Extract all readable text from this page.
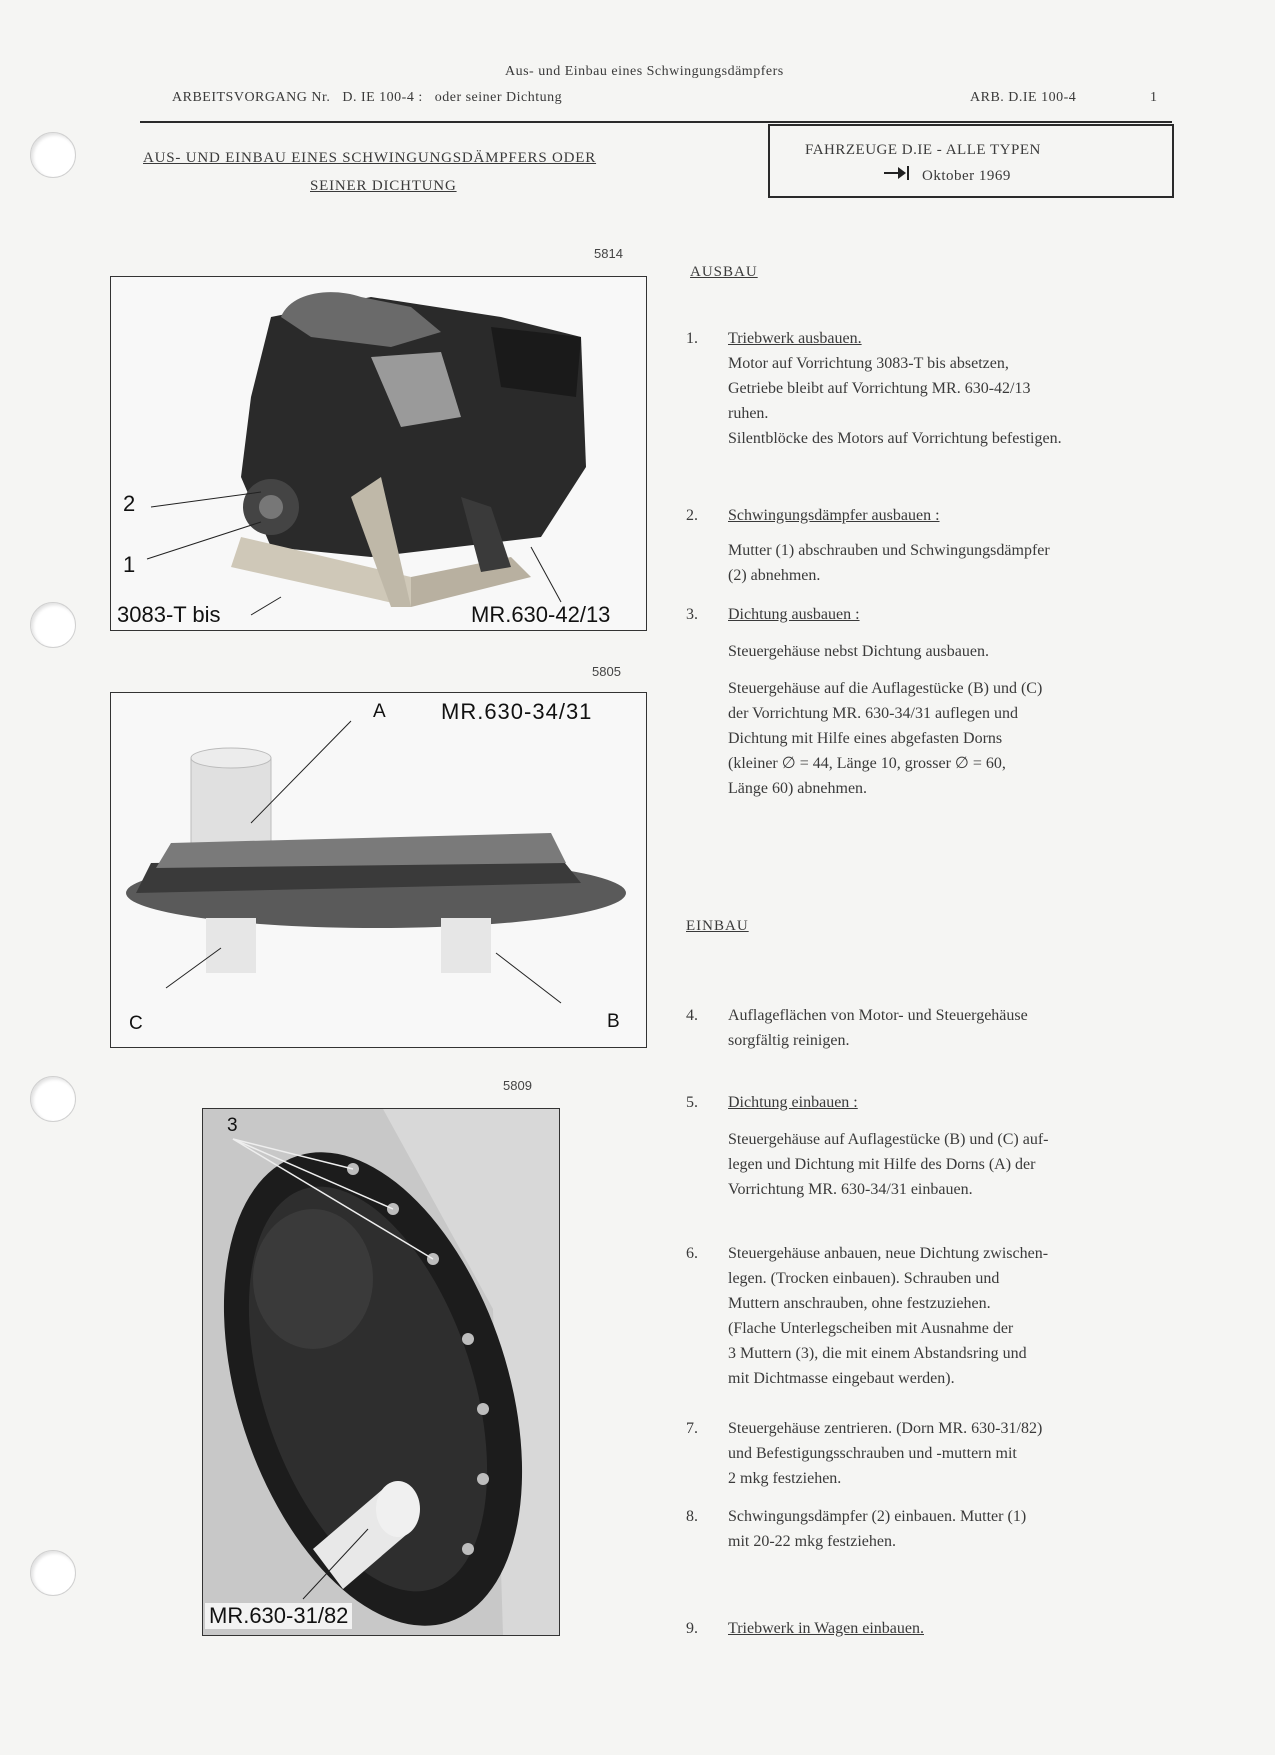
Aus- und Einbau eines Schwingungsdämpfers
ARBEITSVORGANG Nr. D. IE 100-4 : oder seiner Dichtung	ARB. D.IE 100-4	1
AUS- UND EINBAU EINES SCHWINGUNGSDÄMPFERS ODER
SEINER DICHTUNG
FAHRZEUGE D.IE - ALLE TYPEN
Oktober 1969
5814
2
1
3083-T bis	MR.630-42/13
5805
A	MR.630-34/31
C	B
5809
3
MR.630-31/82
AUSBAU
1.	Triebwerk ausbauen.
Motor auf Vorrichtung 3083-T bis absetzen,
Getriebe bleibt auf Vorrichtung MR. 630-42/13
ruhen.
Silentblöcke des Motors auf Vorrichtung befestigen.
2.	Schwingungsdämpfer ausbauen :
Mutter (1) abschrauben und Schwingungsdämpfer
(2) abnehmen.
3.	Dichtung ausbauen :
Steuergehäuse nebst Dichtung ausbauen.
Steuergehäuse auf die Auflagestücke (B) und (C)
der Vorrichtung MR. 630-34/31 auflegen und
Dichtung mit Hilfe eines abgefasten Dorns
(kleiner ∅ = 44, Länge 10, grosser ∅ = 60,
Länge 60) abnehmen.
EINBAU
4.	Auflageflächen von Motor- und Steuergehäuse
sorgfältig reinigen.
5.	Dichtung einbauen :
Steuergehäuse auf Auflagestücke (B) und (C) auf-
legen und Dichtung mit Hilfe des Dorns (A) der
Vorrichtung MR. 630-34/31 einbauen.
6.	Steuergehäuse anbauen, neue Dichtung zwischen-
legen. (Trocken einbauen). Schrauben und
Muttern anschrauben, ohne festzuziehen.
(Flache Unterlegscheiben mit Ausnahme der
3 Muttern (3), die mit einem Abstandsring und
mit Dichtmasse eingebaut werden).
7.	Steuergehäuse zentrieren. (Dorn MR. 630-31/82)
und Befestigungsschrauben und -muttern mit
2 mkg festziehen.
8.	Schwingungsdämpfer (2) einbauen. Mutter (1)
mit 20-22 mkg festziehen.
9.	Triebwerk in Wagen einbauen.
